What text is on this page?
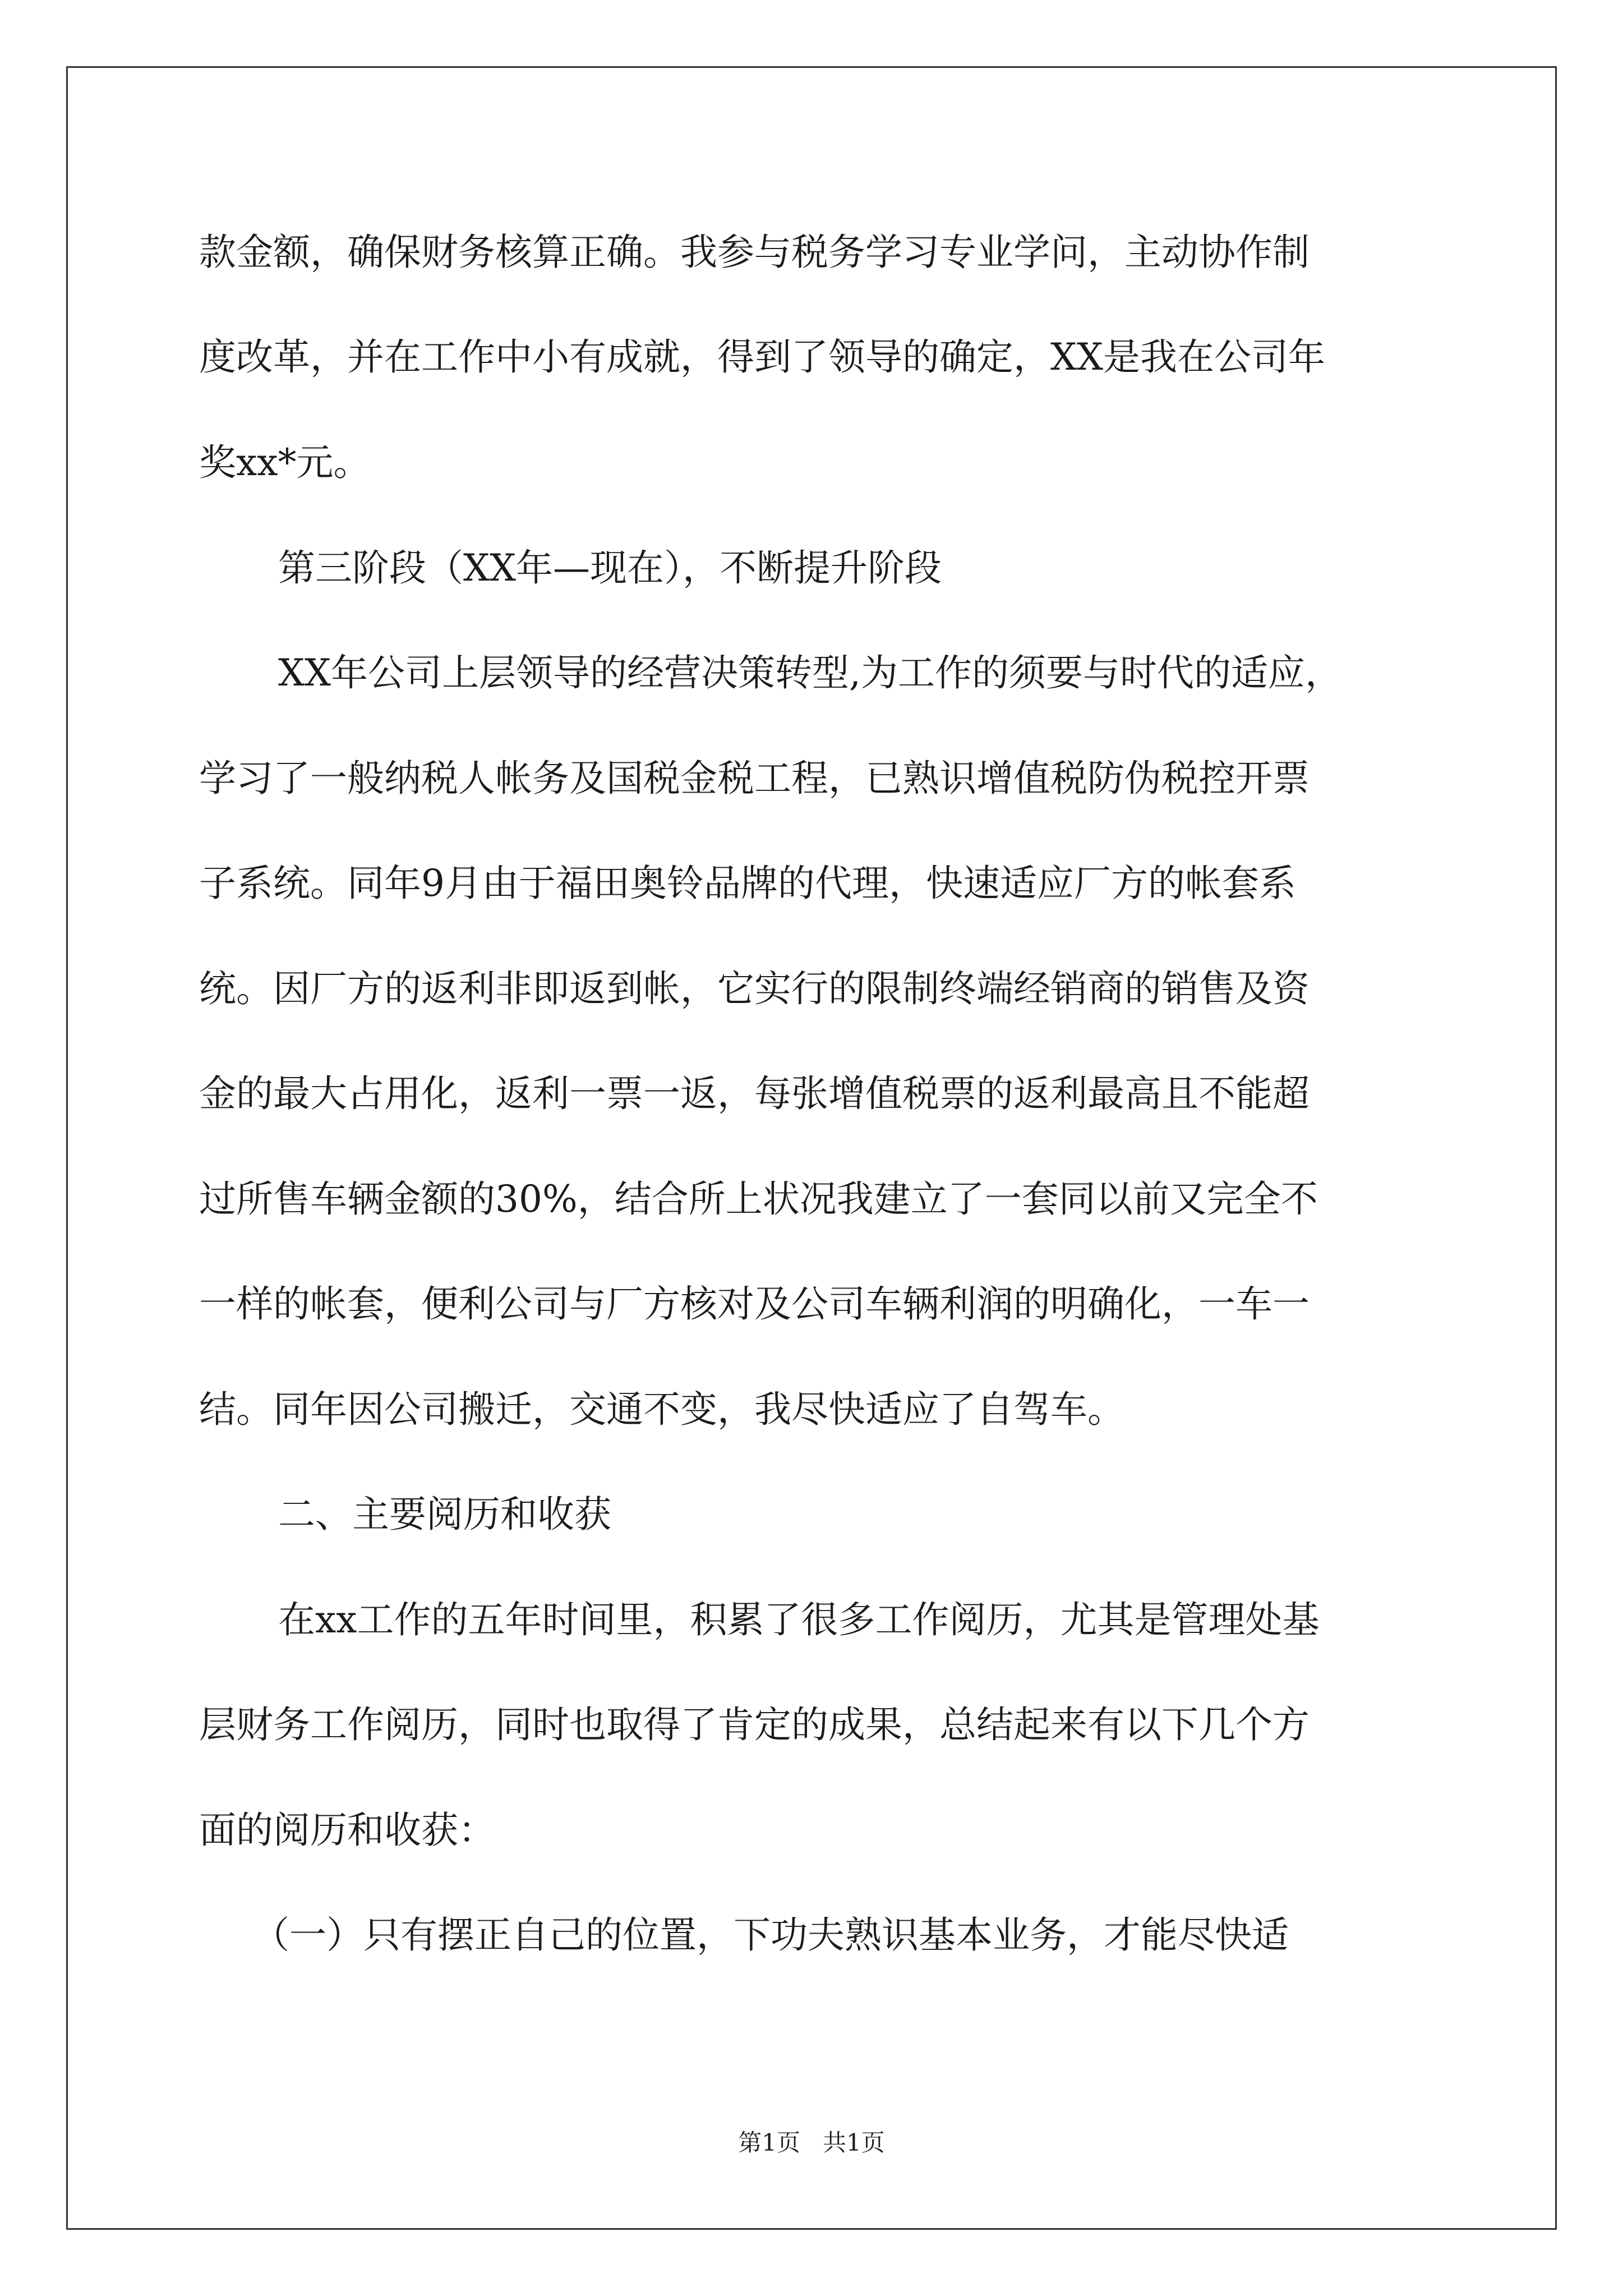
款金额，确保财务核算正确。我参与税务学习专业学问，主动协作制
度改革，并在工作中小有成就，得到了领导的确定，XX是我在公司年
奖xx*元。
第三阶段（XX年—现在），不断提升阶段
XX年公司上层领导的经营决策转型,为工作的须要与时代的适应，
学习了一般纳税人帐务及国税金税工程，已熟识增值税防伪税控开票
子系统。同年9月由于福田奥铃品牌的代理，快速适应厂方的帐套系
统。因厂方的返利非即返到帐，它实行的限制终端经销商的销售及资
金的最大占用化，返利一票一返，每张增值税票的返利最高且不能超
过所售车辆金额的30%，结合所上状况我建立了一套同以前又完全不
一样的帐套，便利公司与厂方核对及公司车辆利润的明确化，一车一
结。同年因公司搬迁，交通不变，我尽快适应了自驾车。
二、主要阅历和收获
在xx工作的五年时间里，积累了很多工作阅历，尤其是管理处基
层财务工作阅历，同时也取得了肯定的成果，总结起来有以下几个方
面的阅历和收获：
（一）只有摆正自己的位置，下功夫熟识基本业务，才能尽快适
第1页   共1页
